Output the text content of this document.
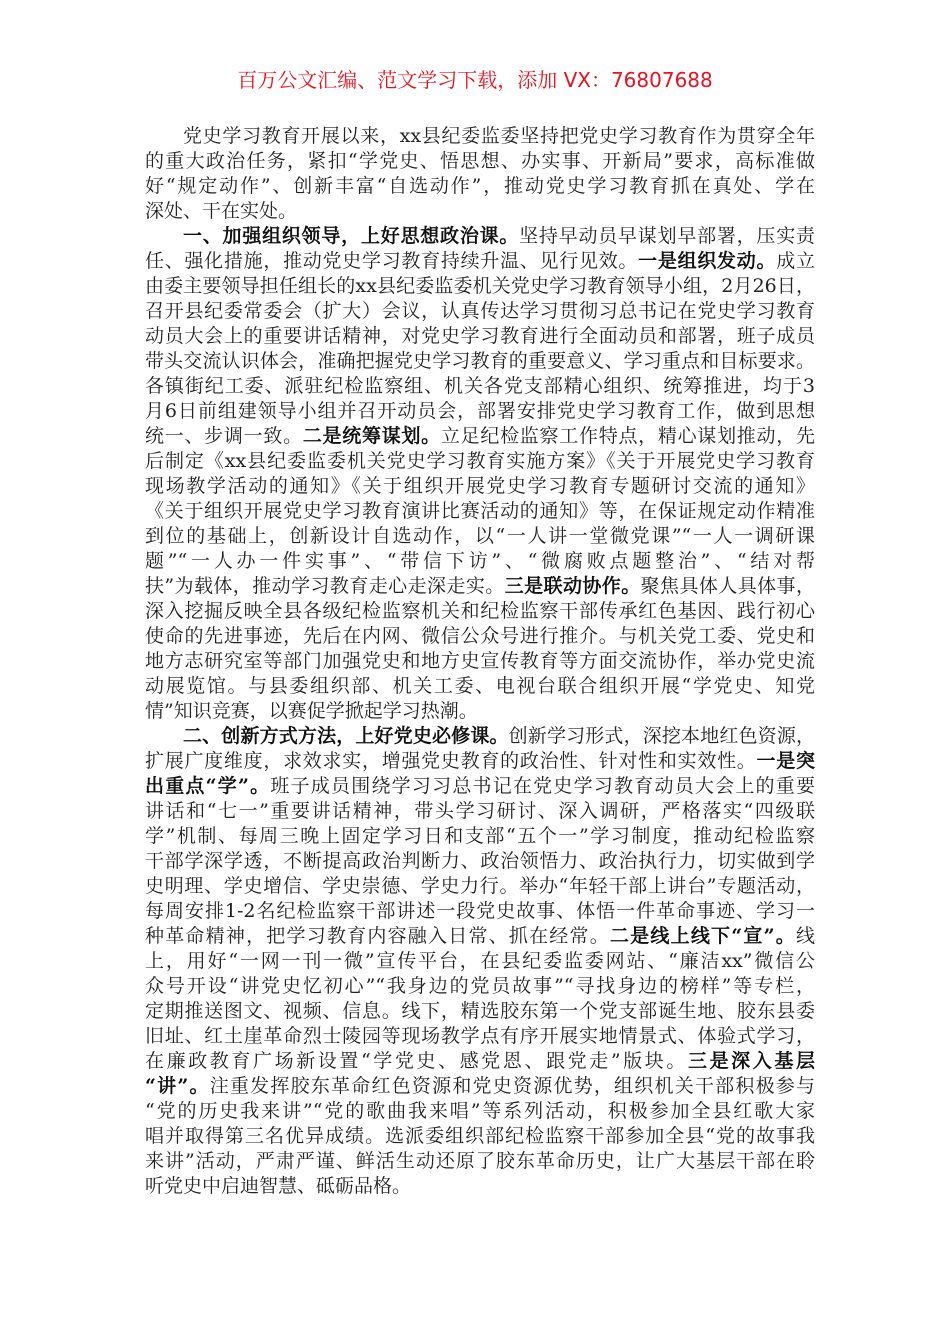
百万公文汇编、范文学习下载，添加 VX：76807688
党史学习教育开展以来，xx县纪委监委坚持把党史学习教育作为贯穿全年
的重大政治任务，紧扣“学党史、悟思想、办实事、开新局”要求，高标准做
好“规定动作”、创新丰富“自选动作”，推动党史学习教育抓在真处、学在
深处、干在实处。
一、加强组织领导，上好思想政治课。坚持早动员早谋划早部署，压实责
任、强化措施，推动党史学习教育持续升温、见行见效。一是组织发动。成立
由委主要领导担任组长的xx县纪委监委机关党史学习教育领导小组，2月26日，
召开县纪委常委会（扩大）会议，认真传达学习贯彻习总书记在党史学习教育
动员大会上的重要讲话精神，对党史学习教育进行全面动员和部署，班子成员
带头交流认识体会，准确把握党史学习教育的重要意义、学习重点和目标要求。
各镇街纪工委、派驻纪检监察组、机关各党支部精心组织、统筹推进，均于3
月6日前组建领导小组并召开动员会，部署安排党史学习教育工作，做到思想
统一、步调一致。二是统筹谋划。立足纪检监察工作特点，精心谋划推动，先
后制定《xx县纪委监委机关党史学习教育实施方案》《关于开展党史学习教育
现场教学活动的通知》《关于组织开展党史学习教育专题研讨交流的通知》
《关于组织开展党史学习教育演讲比赛活动的通知》等，在保证规定动作精准
到位的基础上，创新设计自选动作，以“一人讲一堂微党课”“一人一调研课
题”“一人办一件实事”、“带信下访”、“微腐败点题整治”、“结对帮
扶”为载体，推动学习教育走心走深走实。三是联动协作。聚焦具体人具体事，
深入挖掘反映全县各级纪检监察机关和纪检监察干部传承红色基因、践行初心
使命的先进事迹，先后在内网、微信公众号进行推介。与机关党工委、党史和
地方志研究室等部门加强党史和地方史宣传教育等方面交流协作，举办党史流
动展览馆。与县委组织部、机关工委、电视台联合组织开展“学党史、知党
情”知识竞赛，以赛促学掀起学习热潮。
二、创新方式方法，上好党史必修课。创新学习形式，深挖本地红色资源，
扩展广度维度，求效求实，增强党史教育的政治性、针对性和实效性。一是突
出重点“学”。班子成员围绕学习习总书记在党史学习教育动员大会上的重要
讲话和“七一”重要讲话精神，带头学习研讨、深入调研，严格落实“四级联
学”机制、每周三晚上固定学习日和支部“五个一”学习制度，推动纪检监察
干部学深学透，不断提高政治判断力、政治领悟力、政治执行力，切实做到学
史明理、学史增信、学史崇德、学史力行。举办“年轻干部上讲台”专题活动，
每周安排1-2名纪检监察干部讲述一段党史故事、体悟一件革命事迹、学习一
种革命精神，把学习教育内容融入日常、抓在经常。二是线上线下“宣”。线
上，用好“一网一刊一微”宣传平台，在县纪委监委网站、“廉洁xx”微信公
众号开设“讲党史忆初心”“我身边的党员故事”“寻找身边的榜样”等专栏，
定期推送图文、视频、信息。线下，精选胶东第一个党支部诞生地、胶东县委
旧址、红土崖革命烈士陵园等现场教学点有序开展实地情景式、体验式学习，
在廉政教育广场新设置“学党史、感党恩、跟党走”版块。三是深入基层
“讲”。注重发挥胶东革命红色资源和党史资源优势，组织机关干部积极参与
“党的历史我来讲”“党的歌曲我来唱”等系列活动，积极参加全县红歌大家
唱并取得第三名优异成绩。选派委组织部纪检监察干部参加全县“党的故事我
来讲”活动，严肃严谨、鲜活生动还原了胶东革命历史，让广大基层干部在聆
听党史中启迪智慧、砥砺品格。
